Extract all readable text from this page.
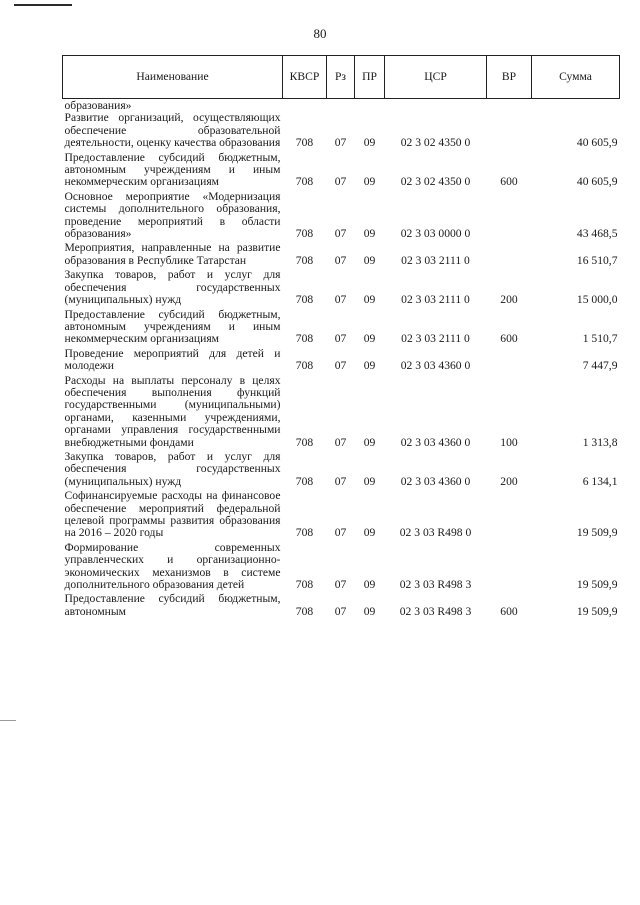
80
Наименование	КВСР	Рз	ПР	ЦСР	ВР	Сумма
образования»						
Развитие организаций, осуществляющих обеспечение образовательной деятельности, оценку качества образования	708	07	09	02 3 02 4350 0		40 605,9
Предоставление субсидий бюджетным, автономным учреждениям и иным некоммерческим организациям	708	07	09	02 3 02 4350 0	600	40 605,9
Основное мероприятие «Модернизация системы дополнительного образования, проведение мероприятий в области образования»	708	07	09	02 3 03 0000 0		43 468,5
Мероприятия, направленные на развитие образования в Республике Татарстан	708	07	09	02 3 03 2111 0		16 510,7
Закупка товаров, работ и услуг для обеспечения государственных (муниципальных) нужд	708	07	09	02 3 03 2111 0	200	15 000,0
Предоставление субсидий бюджетным, автономным учреждениям и иным некоммерческим организациям	708	07	09	02 3 03 2111 0	600	1 510,7
Проведение мероприятий для детей и молодежи	708	07	09	02 3 03 4360 0		7 447,9
Расходы на выплаты персоналу в целях обеспечения выполнения функций государственными (муниципальными) органами, казенными учреждениями, органами управления государственными внебюджетными фондами	708	07	09	02 3 03 4360 0	100	1 313,8
Закупка товаров, работ и услуг для обеспечения государственных (муниципальных) нужд	708	07	09	02 3 03 4360 0	200	6 134,1
Софинансируемые расходы на финансовое обеспечение мероприятий федеральной целевой программы развития образования на 2016 – 2020 годы	708	07	09	02 3 03 R498 0		19 509,9
Формирование современных управленческих и организационно-экономических механизмов в системе дополнительного образования детей	708	07	09	02 3 03 R498 3		19 509,9
Предоставление субсидий бюджетным, автономным	708	07	09	02 3 03 R498 3	600	19 509,9
